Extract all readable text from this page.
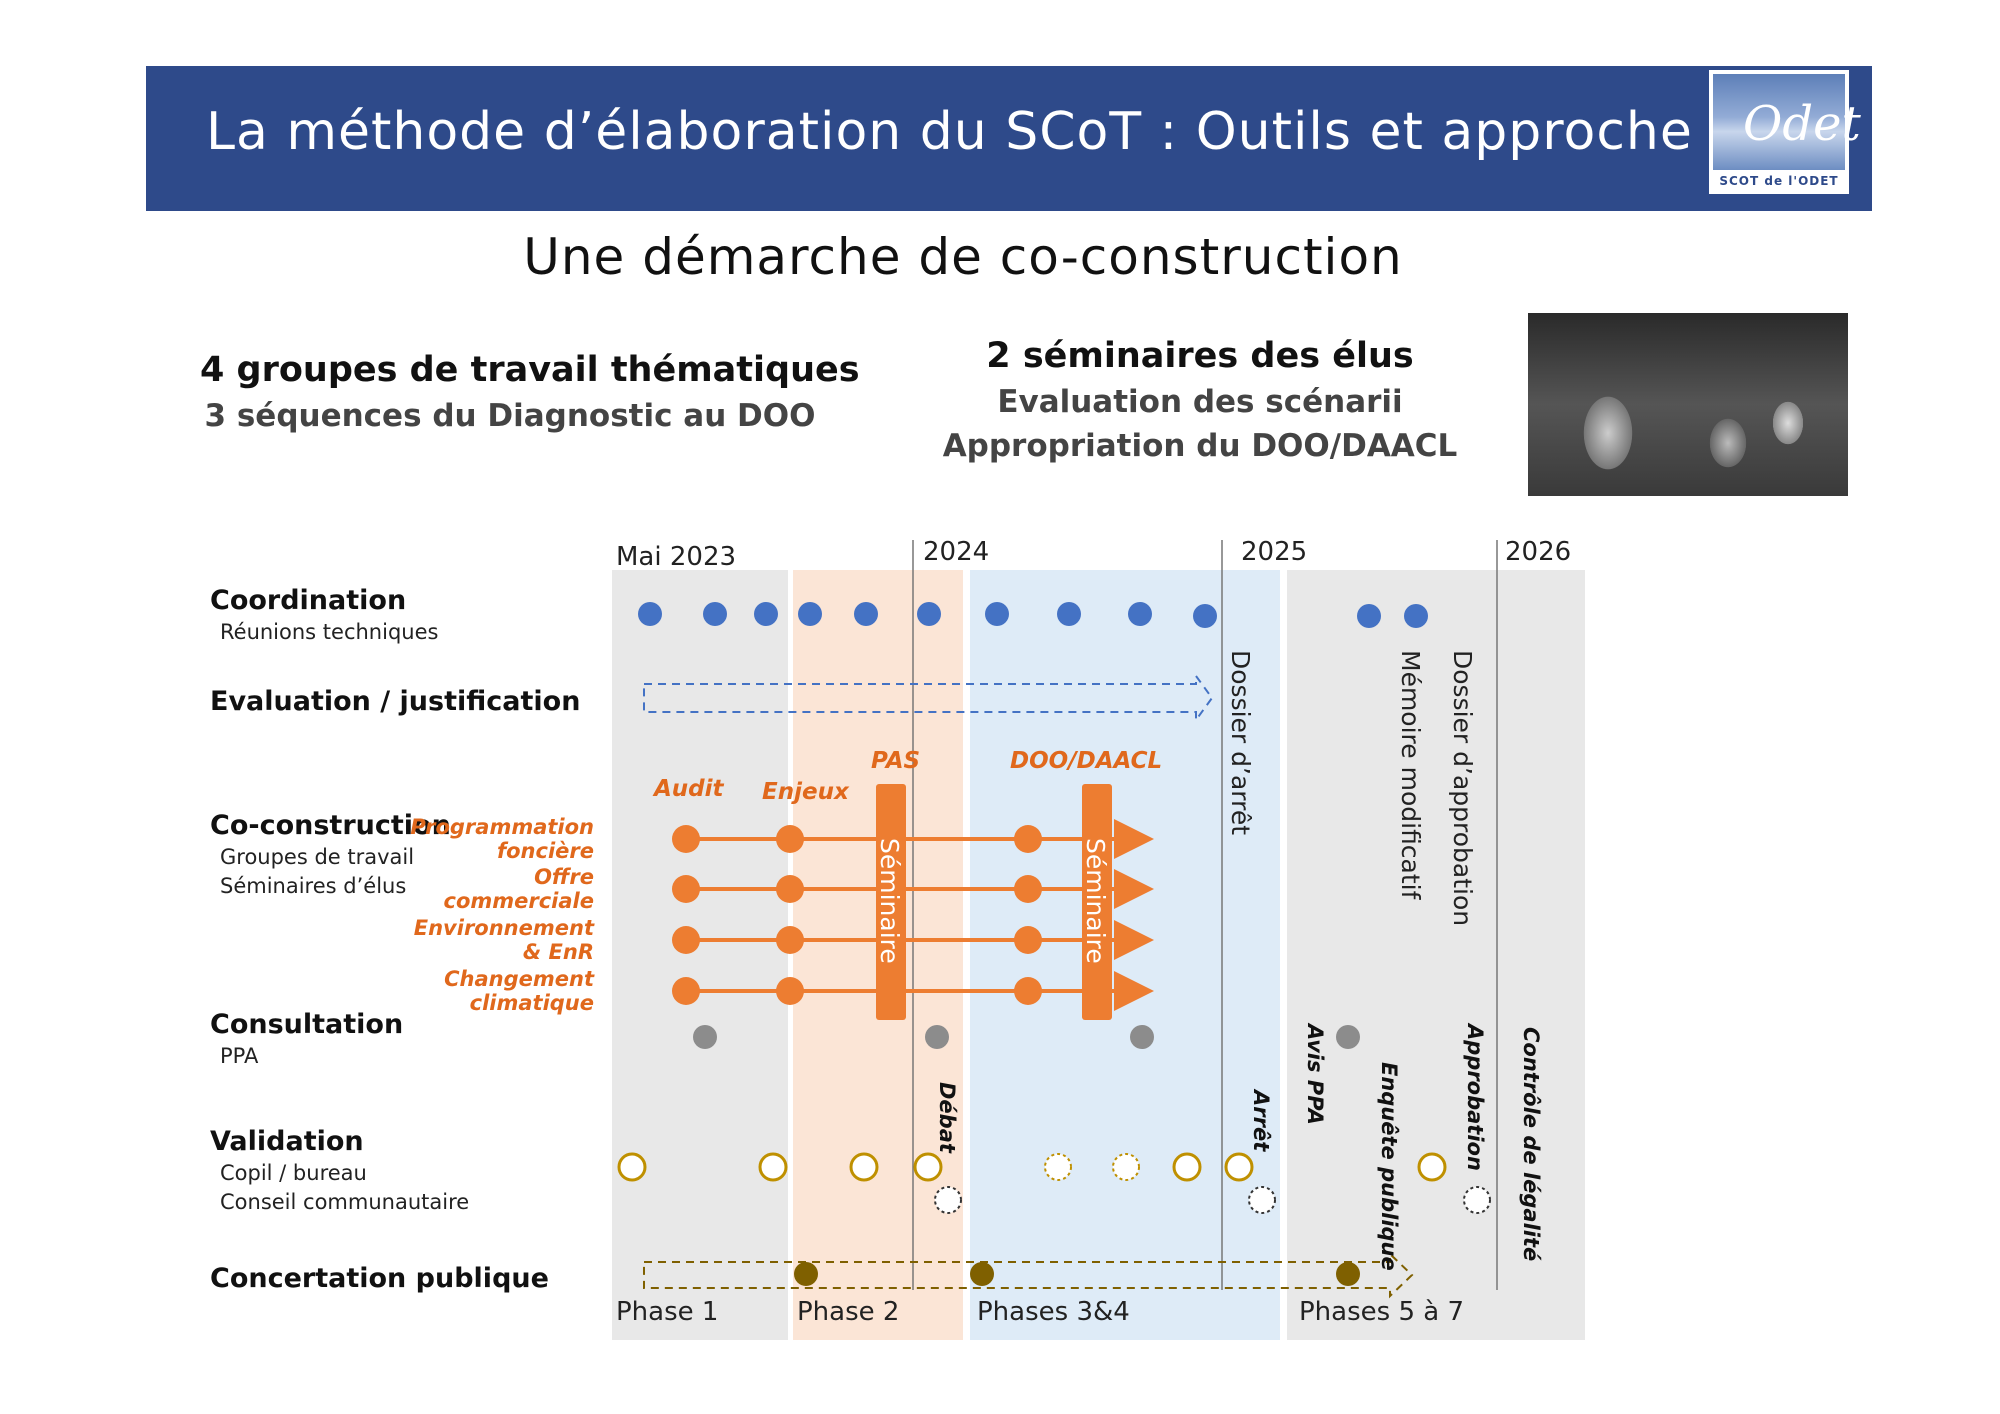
La méthode d’élaboration du SCoT : Outils et approche Odet
SCOT de l'ODET
Une démarche de co-construction
4 groupes de travail thématiques
3 séquences du Diagnostic au DOO
2 séminaires des élus
Evaluation des scénarii
Appropriation du DOO/DAACL
Mai 2023	2024	2025	2026
Coordination
Réunions techniques
Evaluation / justification
Co-construction
Groupes de travail
Séminaires d’élus
Consultation
PPA
Validation
Copil / bureau
Conseil communautaire
Concertation publique
Programmation
foncière
Offre
commerciale
Environnement
& EnR
Changement
climatique
Audit Enjeux
PAS	DOO/DAACL
Séminaire	Séminaire
Phase 1	Phase 2	Phases 3&4	Phases 5 à 7
Dossier d’arrêt	Mémoire modificatif Dossier d’approbation
Débat	Arrêt Avis PPA Enquête publique	Approbation Contrôle de légalité
